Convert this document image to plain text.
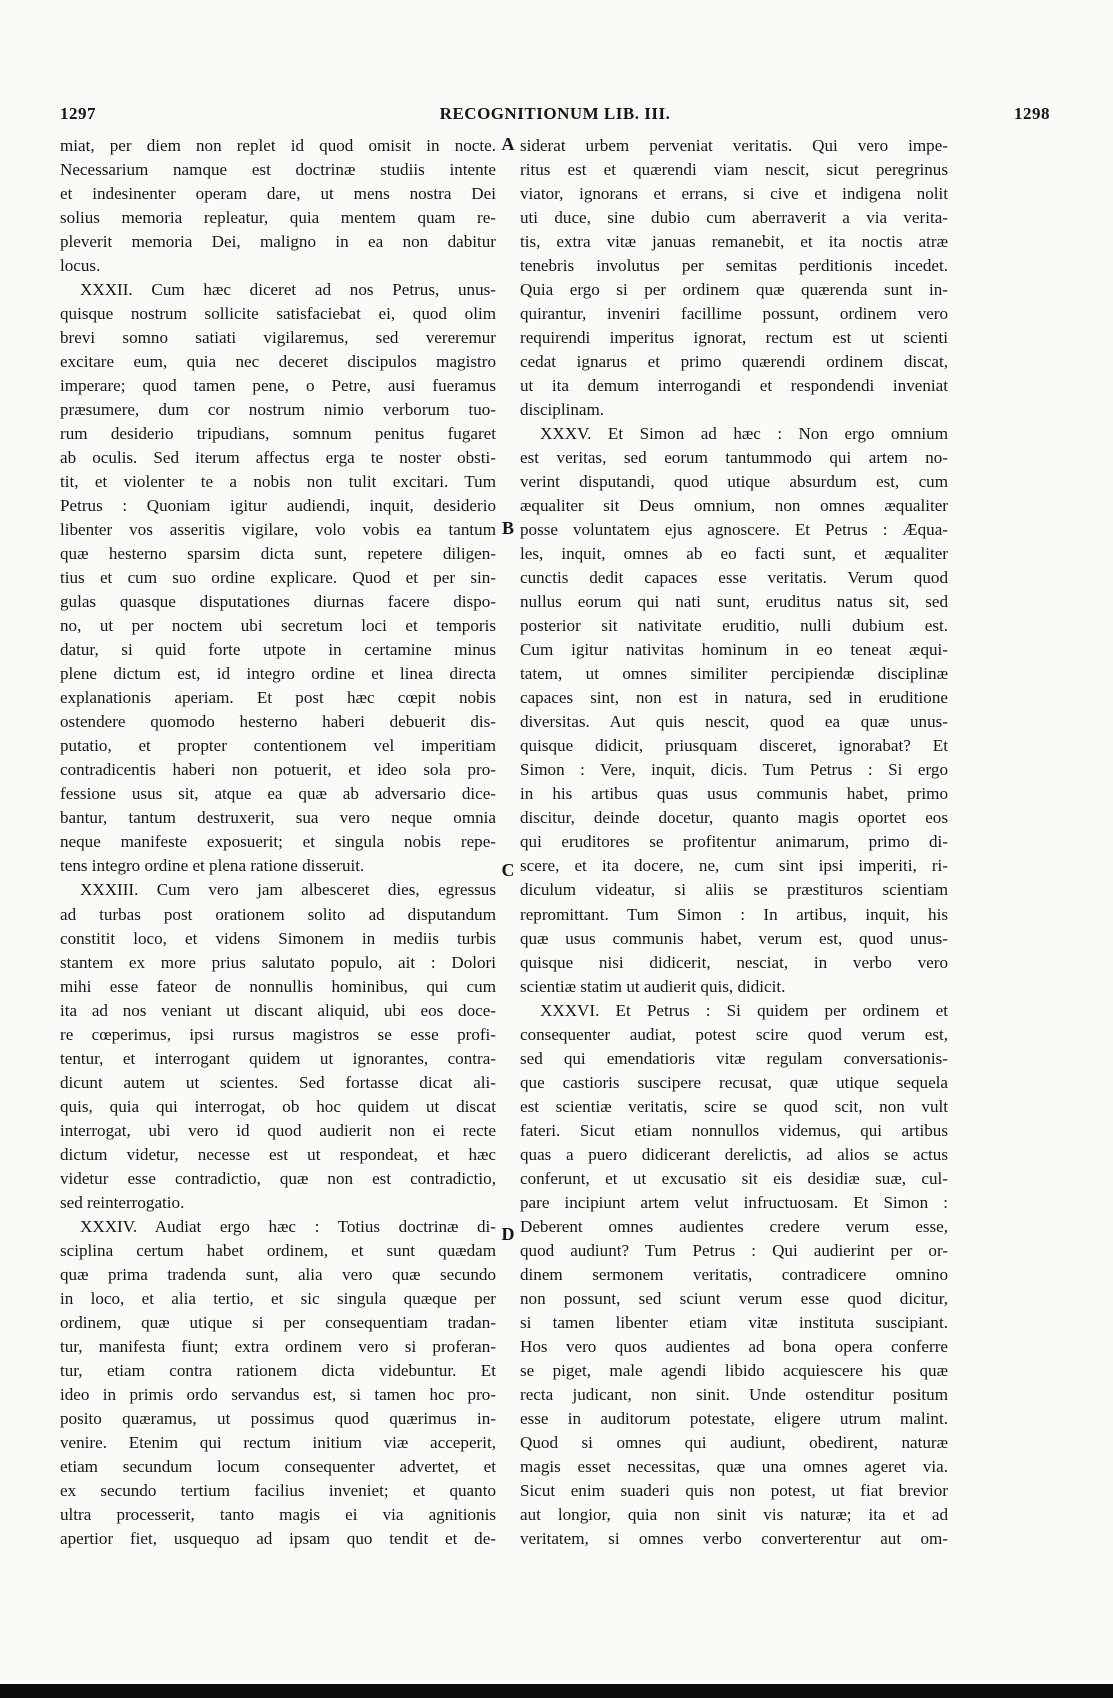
1297	RECOGNITIONUM LIB. III.	1298
miat, per diem non replet id quod omisit in nocte.
Necessarium namque est doctrinæ studiis intente
et indesinenter operam dare, ut mens nostra Dei
solius memoria repleatur, quia mentem quam re-
pleverit memoria Dei, maligno in ea non dabitur
locus.
XXXII. Cum hæc diceret ad nos Petrus, unus-
quisque nostrum sollicite satisfaciebat ei, quod olim
brevi somno satiati vigilaremus, sed vereremur
excitare eum, quia nec deceret discipulos magistro
imperare; quod tamen pene, o Petre, ausi fueramus
præsumere, dum cor nostrum nimio verborum tuo-
rum desiderio tripudians, somnum penitus fugaret
ab oculis. Sed iterum affectus erga te noster obsti-
tit, et violenter te a nobis non tulit excitari. Tum
Petrus : Quoniam igitur audiendi, inquit, desiderio
libenter vos asseritis vigilare, volo vobis ea tantum
quæ hesterno sparsim dicta sunt, repetere diligen-
tius et cum suo ordine explicare. Quod et per sin-
gulas quasque disputationes diurnas facere dispo-
no, ut per noctem ubi secretum loci et temporis
datur, si quid forte utpote in certamine minus
plene dictum est, id integro ordine et linea directa
explanationis aperiam. Et post hæc cœpit nobis
ostendere quomodo hesterno haberi debuerit dis-
putatio, et propter contentionem vel imperitiam
contradicentis haberi non potuerit, et ideo sola pro-
fessione usus sit, atque ea quæ ab adversario dice-
bantur, tantum destruxerit, sua vero neque omnia
neque manifeste exposuerit; et singula nobis repe-
tens integro ordine et plena ratione disseruit.
XXXIII. Cum vero jam albesceret dies, egressus
ad turbas post orationem solito ad disputandum
constitit loco, et videns Simonem in mediis turbis
stantem ex more prius salutato populo, ait : Dolori
mihi esse fateor de nonnullis hominibus, qui cum
ita ad nos veniant ut discant aliquid, ubi eos doce-
re cœperimus, ipsi rursus magistros se esse profi-
tentur, et interrogant quidem ut ignorantes, contra-
dicunt autem ut scientes. Sed fortasse dicat ali-
quis, quia qui interrogat, ob hoc quidem ut discat
interrogat, ubi vero id quod audierit non ei recte
dictum videtur, necesse est ut respondeat, et hæc
videtur esse contradictio, quæ non est contradictio,
sed reinterrogatio.
XXXIV. Audiat ergo hæc : Totius doctrinæ di-
sciplina certum habet ordinem, et sunt quædam
quæ prima tradenda sunt, alia vero quæ secundo
in loco, et alia tertio, et sic singula quæque per
ordinem, quæ utique si per consequentiam tradan-
tur, manifesta fiunt; extra ordinem vero si proferan-
tur, etiam contra rationem dicta videbuntur. Et
ideo in primis ordo servandus est, si tamen hoc pro-
posito quæramus, ut possimus quod quærimus in-
venire. Etenim qui rectum initium viæ acceperit,
etiam secundum locum consequenter advertet, et
ex secundo tertium facilius inveniet; et quanto
ultra processerit, tanto magis ei via agnitionis
apertior fiet, usquequo ad ipsam quo tendit et de-
siderat urbem perveniat veritatis. Qui vero impe-
ritus est et quærendi viam nescit, sicut peregrinus
viator, ignorans et errans, si cive et indigena nolit
uti duce, sine dubio cum aberraverit a via verita-
tis, extra vitæ januas remanebit, et ita noctis atræ
tenebris involutus per semitas perditionis incedet.
Quia ergo si per ordinem quæ quærenda sunt in-
quirantur, inveniri facillime possunt, ordinem vero
requirendi imperitus ignorat, rectum est ut scienti
cedat ignarus et primo quærendi ordinem discat,
ut ita demum interrogandi et respondendi inveniat
disciplinam.
XXXV. Et Simon ad hæc : Non ergo omnium
est veritas, sed eorum tantummodo qui artem no-
verint disputandi, quod utique absurdum est, cum
æqualiter sit Deus omnium, non omnes æqualiter
posse voluntatem ejus agnoscere. Et Petrus : Æqua-
les, inquit, omnes ab eo facti sunt, et æqualiter
cunctis dedit capaces esse veritatis. Verum quod
nullus eorum qui nati sunt, eruditus natus sit, sed
posterior sit nativitate eruditio, nulli dubium est.
Cum igitur nativitas hominum in eo teneat æqui-
tatem, ut omnes similiter percipiendæ disciplinæ
capaces sint, non est in natura, sed in eruditione
diversitas. Aut quis nescit, quod ea quæ unus-
quisque didicit, priusquam disceret, ignorabat? Et
Simon : Vere, inquit, dicis. Tum Petrus : Si ergo
in his artibus quas usus communis habet, primo
discitur, deinde docetur, quanto magis oportet eos
qui eruditores se profitentur animarum, primo di-
scere, et ita docere, ne, cum sint ipsi imperiti, ri-
diculum videatur, si aliis se præstituros scientiam
repromittant. Tum Simon : In artibus, inquit, his
quæ usus communis habet, verum est, quod unus-
quisque nisi didicerit, nesciat, in verbo vero
scientiæ statim ut audierit quis, didicit.
XXXVI. Et Petrus : Si quidem per ordinem et
consequenter audiat, potest scire quod verum est,
sed qui emendatioris vitæ regulam conversationis-
que castioris suscipere recusat, quæ utique sequela
est scientiæ veritatis, scire se quod scit, non vult
fateri. Sicut etiam nonnullos videmus, qui artibus
quas a puero didicerant derelictis, ad alios se actus
conferunt, et ut excusatio sit eis desidiæ suæ, cul-
pare incipiunt artem velut infructuosam. Et Simon :
Deberent omnes audientes credere verum esse,
quod audiunt? Tum Petrus : Qui audierint per or-
dinem sermonem veritatis, contradicere omnino
non possunt, sed sciunt verum esse quod dicitur,
si tamen libenter etiam vitæ instituta suscipiant.
Hos vero quos audientes ad bona opera conferre
se piget, male agendi libido acquiescere his quæ
recta judicant, non sinit. Unde ostenditur positum
esse in auditorum potestate, eligere utrum malint.
Quod si omnes qui audiunt, obedirent, naturæ
magis esset necessitas, quæ una omnes ageret via.
Sicut enim suaderi quis non potest, ut fiat brevior
aut longior, quia non sinit vis naturæ; ita et ad
veritatem, si omnes verbo converterentur aut om-
A
B
C
D
